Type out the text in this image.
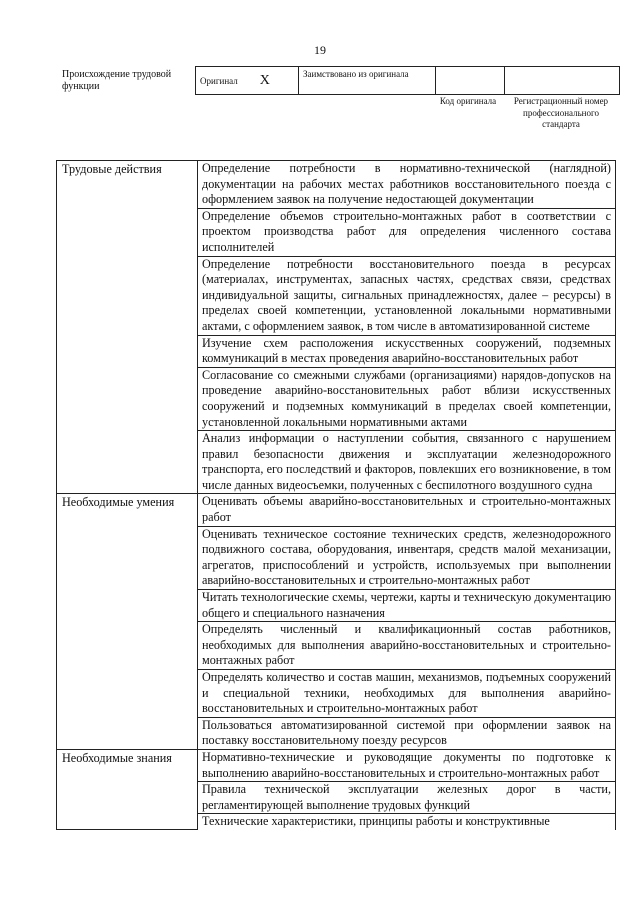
19
Происхождение трудовой функции
Оригинал X	Заимствовано из оригинала		
Код оригинала	Регистрационный номер профессионального стандарта
Трудовые действия	Определение потребности в нормативно-технической (наглядной) документации на рабочих местах работников восстановительного поезда с оформлением заявок на получение недостающей документации
	Определение объемов строительно-монтажных работ в соответствии с проектом производства работ для определения численного состава исполнителей
	Определение потребности восстановительного поезда в ресурсах (материалах, инструментах, запасных частях, средствах связи, средствах индивидуальной защиты, сигнальных принадлежностях, далее – ресурсы) в пределах своей компетенции, установленной локальными нормативными актами, с оформлением заявок, в том числе в автоматизированной системе
	Изучение схем расположения искусственных сооружений, подземных коммуникаций в местах проведения аварийно-восстановительных работ
	Согласование со смежными службами (организациями) нарядов-допусков на проведение аварийно-восстановительных работ вблизи искусственных сооружений и подземных коммуникаций в пределах своей компетенции, установленной локальными нормативными актами
	Анализ информации о наступлении события, связанного с нарушением правил безопасности движения и эксплуатации железнодорожного транспорта, его последствий и факторов, повлекших его возникновение, в том числе данных видеосъемки, полученных с беспилотного воздушного судна
Необходимые умения	Оценивать объемы аварийно-восстановительных и строительно-монтажных работ
	Оценивать техническое состояние технических средств, железнодорожного подвижного состава, оборудования, инвентаря, средств малой механизации, агрегатов, приспособлений и устройств, используемых при выполнении аварийно-восстановительных и строительно-монтажных работ
	Читать технологические схемы, чертежи, карты и техническую документацию общего и специального назначения
	Определять численный и квалификационный состав работников, необходимых для выполнения аварийно-восстановительных и строительно-монтажных работ
	Определять количество и состав машин, механизмов, подъемных сооружений и специальной техники, необходимых для выполнения аварийно-восстановительных и строительно-монтажных работ
	Пользоваться автоматизированной системой при оформлении заявок на поставку восстановительному поезду ресурсов
Необходимые знания	Нормативно-технические и руководящие документы по подготовке к выполнению аварийно-восстановительных и строительно-монтажных работ
	Правила технической эксплуатации железных дорог в части, регламентирующей выполнение трудовых функций
	Технические характеристики, принципы работы и конструктивные
